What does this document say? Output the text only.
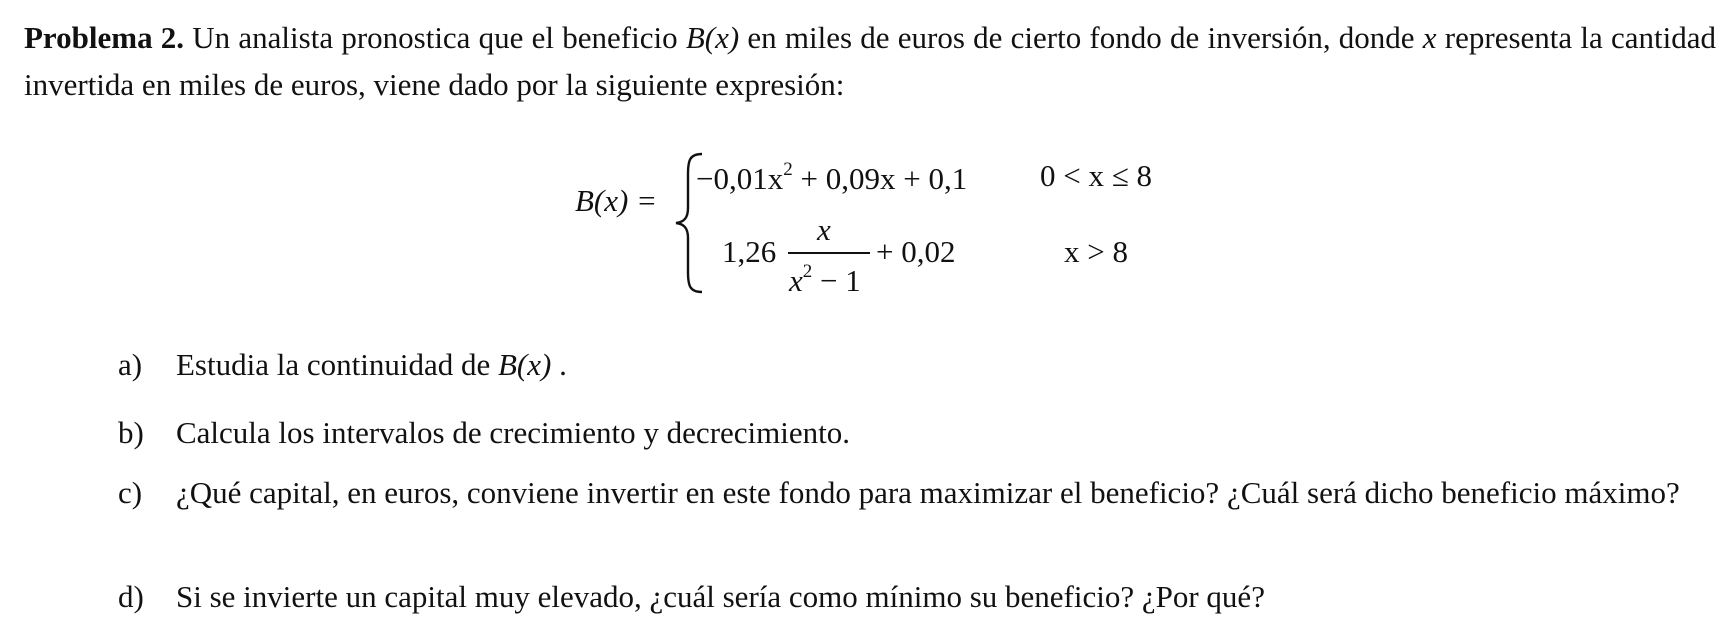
Problema 2. Un analista pronostica que el beneficio B(x) en miles de euros de cierto fondo de inversión, donde x representa la cantidad invertida en miles de euros, viene dado por la siguiente expresión:
B(x) =
$-0,01x^2 + 0,09x + 0,1$ 0 < x ≤ 8
1,26
x
$x^2 - 1$
+ 0,02	x > 8
a) Estudia la continuidad de B(x) .
b) Calcula los intervalos de crecimiento y decrecimiento.
c) ¿Qué capital, en euros, conviene invertir en este fondo para maximizar el beneficio? ¿Cuál será dicho beneficio máximo?
d) Si se invierte un capital muy elevado, ¿cuál sería como mínimo su beneficio? ¿Por qué?
